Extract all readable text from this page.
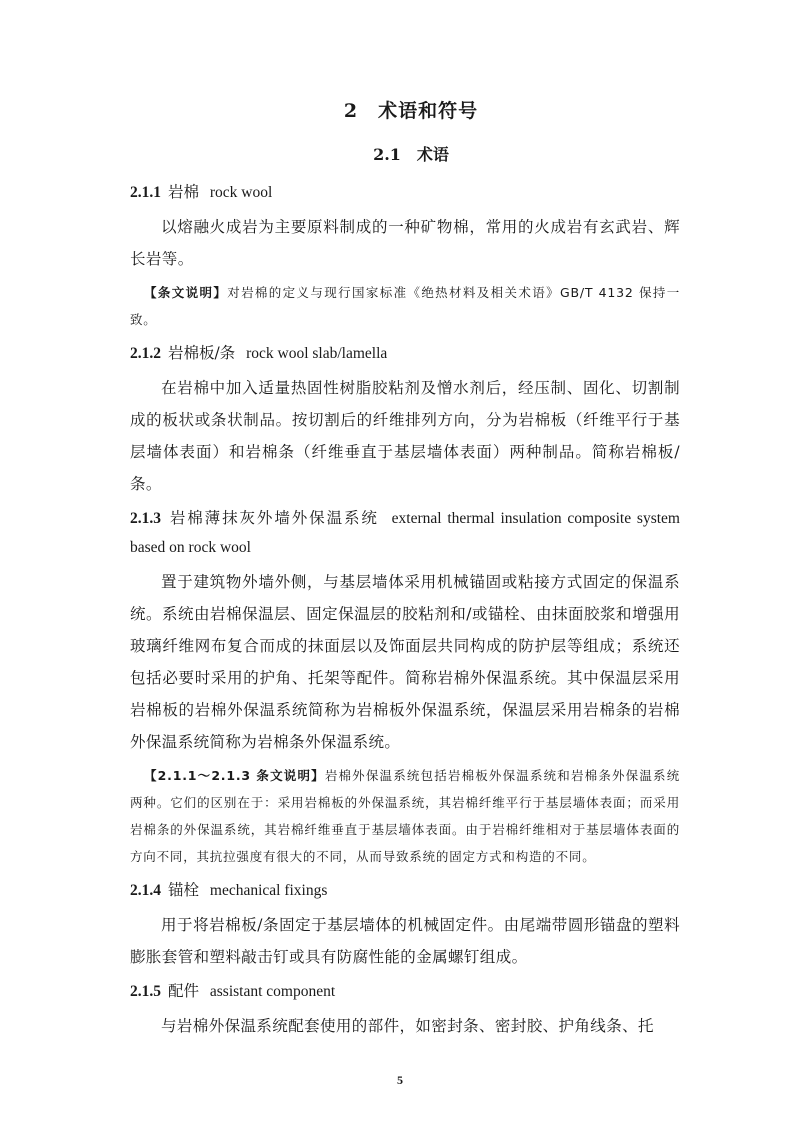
2　术语和符号
2.1　术语

2.1.1 岩棉 rock wool

以熔融火成岩为主要原料制成的一种矿物棉，常用的火成岩有玄武岩、辉长岩等。

【条文说明】对岩棉的定义与现行国家标准《绝热材料及相关术语》GB/T 4132 保持一致。

2.1.2 岩棉板/条 rock wool slab/lamella

在岩棉中加入适量热固性树脂胶粘剂及憎水剂后，经压制、固化、切割制成的板状或条状制品。按切割后的纤维排列方向，分为岩棉板（纤维平行于基层墙体表面）和岩棉条（纤维垂直于基层墙体表面）两种制品。简称岩棉板/条。

2.1.3 岩棉薄抹灰外墙外保温系统 external thermal insulation composite system based on rock wool

置于建筑物外墙外侧，与基层墙体采用机械锚固或粘接方式固定的保温系统。系统由岩棉保温层、固定保温层的胶粘剂和/或锚栓、由抹面胶浆和增强用玻璃纤维网布复合而成的抹面层以及饰面层共同构成的防护层等组成；系统还包括必要时采用的护角、托架等配件。简称岩棉外保温系统。其中保温层采用岩棉板的岩棉外保温系统简称为岩棉板外保温系统，保温层采用岩棉条的岩棉外保温系统简称为岩棉条外保温系统。

【2.1.1～2.1.3 条文说明】岩棉外保温系统包括岩棉板外保温系统和岩棉条外保温系统两种。它们的区别在于：采用岩棉板的外保温系统，其岩棉纤维平行于基层墙体表面；而采用岩棉条的外保温系统，其岩棉纤维垂直于基层墙体表面。由于岩棉纤维相对于基层墙体表面的方向不同，其抗拉强度有很大的不同，从而导致系统的固定方式和构造的不同。

2.1.4 锚栓 mechanical fixings

用于将岩棉板/条固定于基层墙体的机械固定件。由尾端带圆形锚盘的塑料膨胀套管和塑料敲击钉或具有防腐性能的金属螺钉组成。

2.1.5 配件 assistant component

与岩棉外保温系统配套使用的部件，如密封条、密封胶、护角线条、托

5
